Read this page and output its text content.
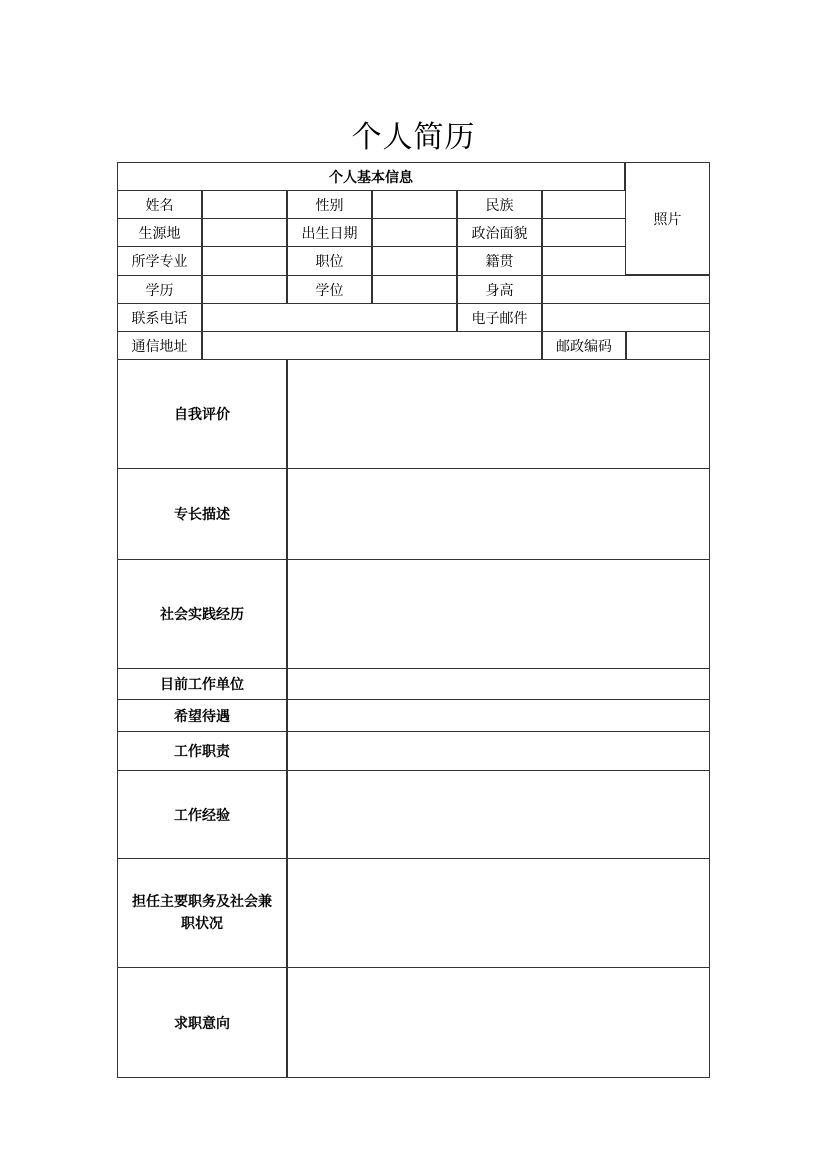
个人简历
个人基本信息
照片
姓名	性别	民族
生源地	出生日期	政治面貌
所学专业	职位	籍贯
学历	学位	身高
联系电话	电子邮件
通信地址	邮政编码
自我评价
专长描述
社会实践经历
目前工作单位
希望待遇
工作职责
工作经验
担任主要职务及社会兼职状况
求职意向
